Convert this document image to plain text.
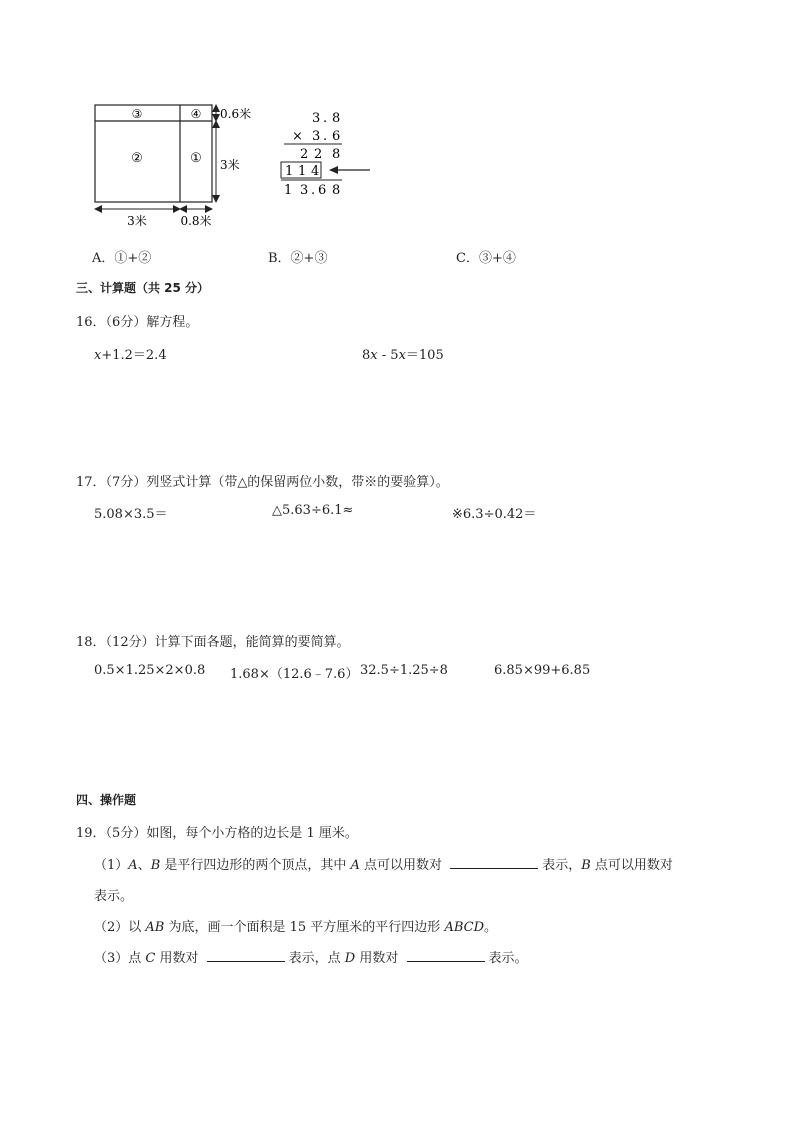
③	④
②	①
0.6米
3米
3米	0.8米
3 . 8
× 3 . 6
2 2 8
1 1 4
1 3 . 6 8
A．①+②	B．②+③	C．③+④
三、计算题（共 25 分）
16．（6分）解方程。
x+1.2＝2.4	8x - 5x＝105
17．（7分）列竖式计算（带△的保留两位小数，带※的要验算）。
5.08×3.5＝	△5.63÷6.1≈	※6.3÷0.42＝
18．（12分）计算下面各题，能简算的要简算。
0.5×1.25×2×0.8 1.68×（12.6﹣7.6） 32.5÷1.25÷8	6.85×99+6.85
四、操作题
19．（5分）如图，每个小方格的边长是 1 厘米。
（1）A、B 是平行四边形的两个顶点，其中 A 点可以用数对	表示，B 点可以用数对
表示。
（2）以 AB 为底，画一个面积是 15 平方厘米的平行四边形 ABCD。
（3）点 C 用数对	表示，点 D 用数对	表示。
